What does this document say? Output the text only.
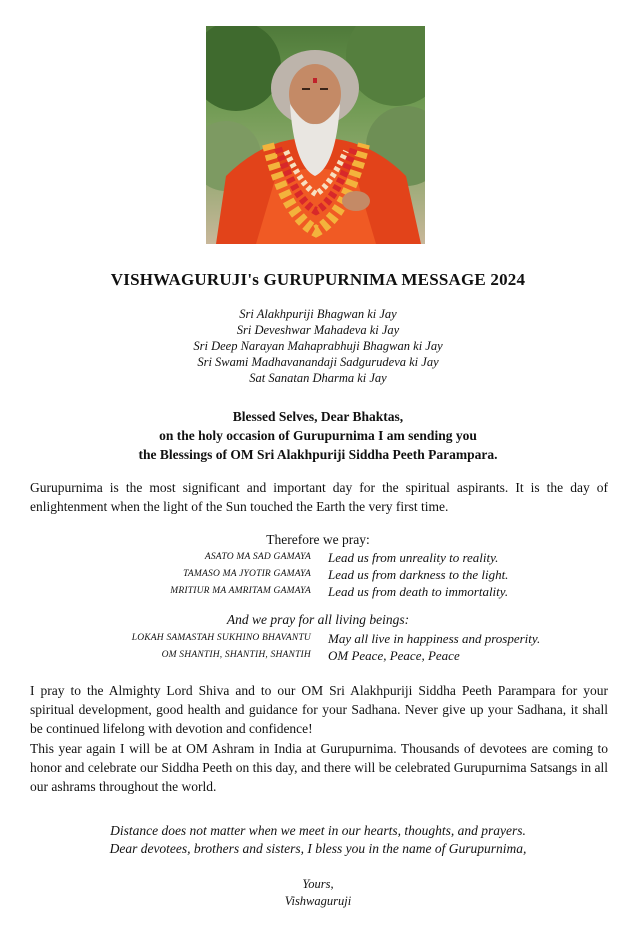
VISHWAGURUJI's GURUPURNIMA MESSAGE 2024
Sri Alakhpuriji Bhagwan ki Jay
Sri Deveshwar Mahadeva ki Jay
Sri Deep Narayan Mahaprabhuji Bhagwan ki Jay
Sri Swami Madhavanandaji Sadgurudeva ki Jay
Sat Sanatan Dharma ki Jay
Blessed Selves, Dear Bhaktas,
on the holy occasion of Gurupurnima I am sending you
the Blessings of OM Sri Alakhpuriji Siddha Peeth Parampara.
Gurupurnima is the most significant and important day for the spiritual aspirants. It is the day of enlightenment when the light of the Sun touched the Earth the very first time.
Therefore we pray:
ASATO MA SAD GAMAYA Lead us from unreality to reality.
TAMASO MA JYOTIR GAMAYA Lead us from darkness to the light.
MRITIUR MA AMRITAM GAMAYA Lead us from death to immortality.
And we pray for all living beings:
LOKAH SAMASTAH SUKHINO BHAVANTU May all live in happiness and prosperity.
OM SHANTIH, SHANTIH, SHANTIH OM Peace, Peace, Peace
I pray to the Almighty Lord Shiva and to our OM Sri Alakhpuriji Siddha Peeth Parampara for your spiritual development, good health and guidance for your Sadhana. Never give up your Sadhana, it shall be continued lifelong with devotion and confidence!
This year again I will be at OM Ashram in India at Gurupurnima. Thousands of devotees are coming to honor and celebrate our Siddha Peeth on this day, and there will be celebrated Gurupurnima Satsangs in all our ashrams throughout the world.
Distance does not matter when we meet in our hearts, thoughts, and prayers.
Dear devotees, brothers and sisters, I bless you in the name of Gurupurnima,
Yours,
Vishwaguruji
